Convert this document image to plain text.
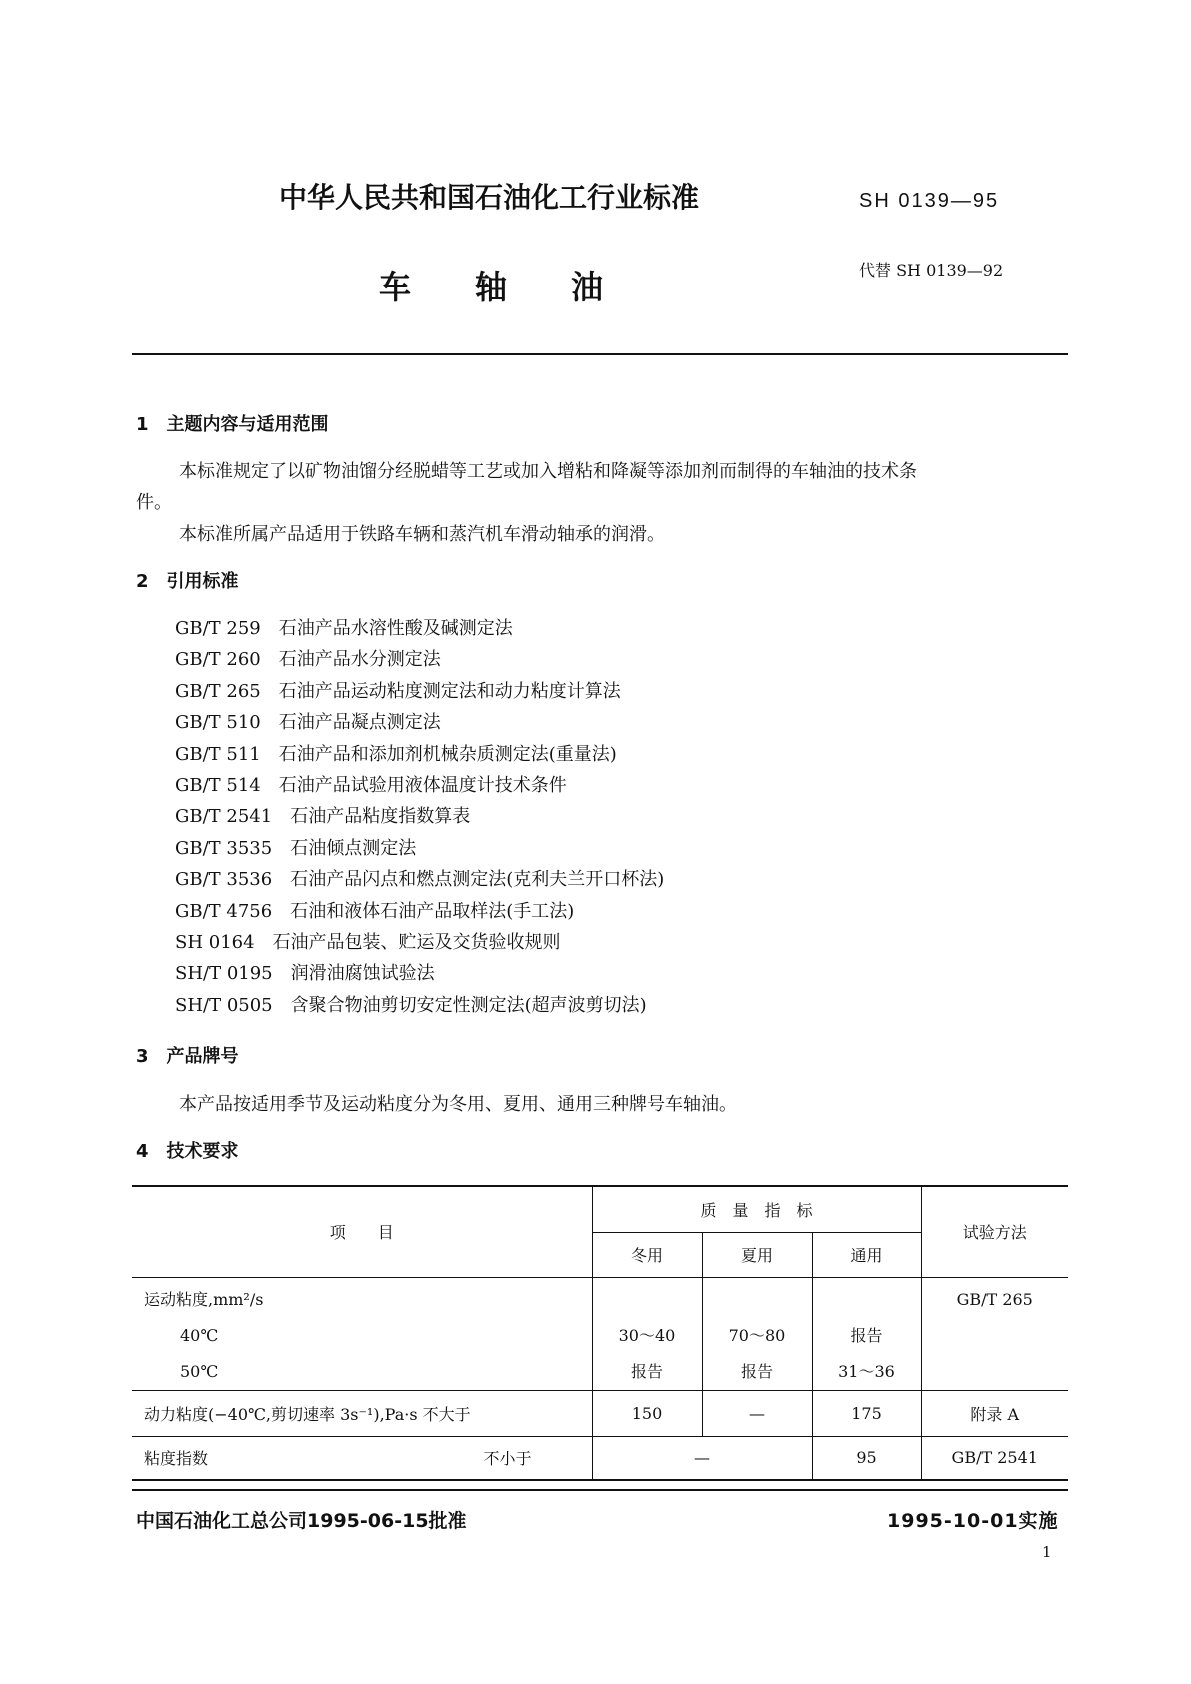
中华人民共和国石油化工行业标准	SH 0139—95
车　　轴　　油	代替 SH 0139—92
1　 主题内容与适用范围
本标准规定了以矿物油馏分经脱蜡等工艺或加入增粘和降凝等添加剂而制得的车轴油的技术条
件。
本标准所属产品适用于铁路车辆和蒸汽机车滑动轴承的润滑。
2　 引用标准
GB/T 259　 石油产品水溶性酸及碱测定法
GB/T 260　 石油产品水分测定法
GB/T 265　 石油产品运动粘度测定法和动力粘度计算法
GB/T 510　 石油产品凝点测定法
GB/T 511　 石油产品和添加剂机械杂质测定法(重量法)
GB/T 514　 石油产品试验用液体温度计技术条件
GB/T 2541　 石油产品粘度指数算表
GB/T 3535　 石油倾点测定法
GB/T 3536　 石油产品闪点和燃点测定法(克利夫兰开口杯法)
GB/T 4756　 石油和液体石油产品取样法(手工法)
SH 0164　 石油产品包装、贮运及交货验收规则
SH/T 0195　 润滑油腐蚀试验法
SH/T 0505　 含聚合物油剪切安定性测定法(超声波剪切法)
3　 产品牌号
本产品按适用季节及运动粘度分为冬用、夏用、通用三种牌号车轴油。
4　 技术要求
项　　目	质　量　指　标	试验方法
冬用	夏用	通用

运动粘度,mm²/s
40℃
50℃

30～40
报告

70～80
报告

报告
31～36

GB/T 265

动力粘度(−40℃,剪切速率 3s⁻¹),Pa·s 不大于	150	—	175	附录 A
粘度指数	不小于	—	95	GB/T 2541
中国石油化工总公司1995-06-15批准	1995-10-01实施
1
